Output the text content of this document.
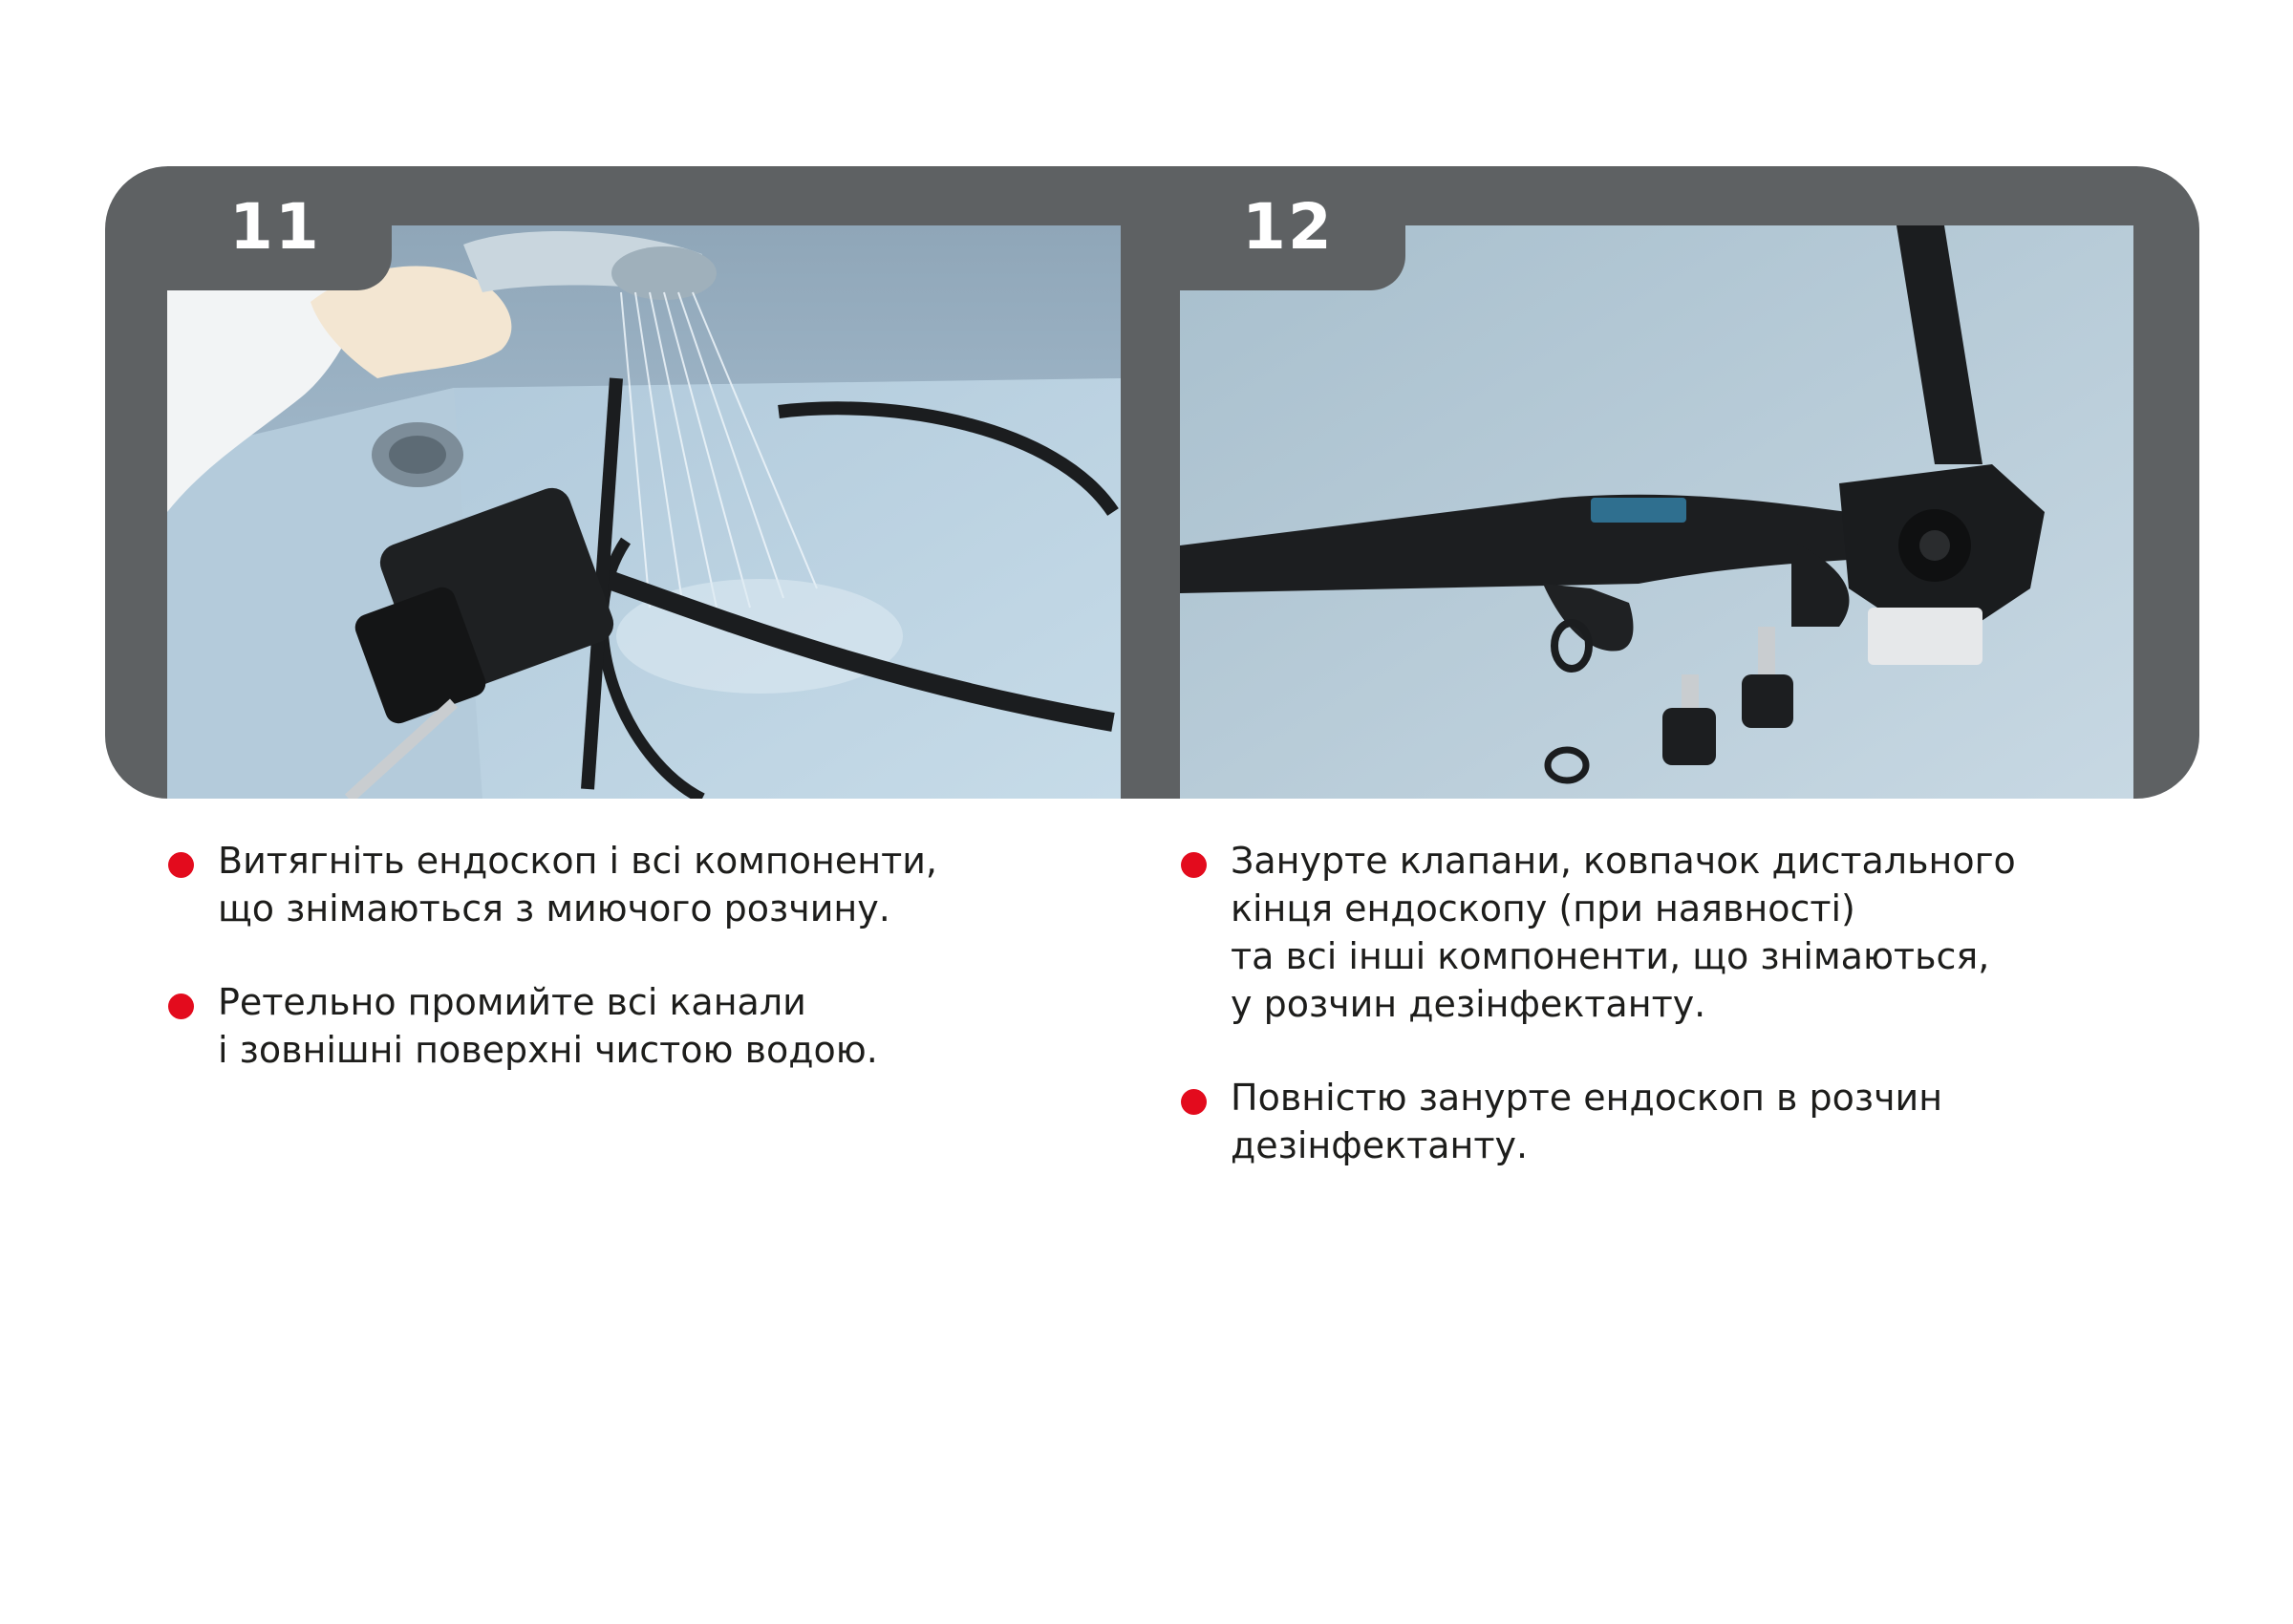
11	12
Витягніть ендоскоп і всі компоненти,
що знімаються з миючого розчину.
Ретельно промийте всі канали
і зовнішні поверхні чистою водою.
Занурте клапани, ковпачок дистального
кінця ендоскопу (при наявності)
та всі інші компоненти, що знімаються,
у розчин дезінфектанту.
Повністю занурте ендоскоп в розчин
дезінфектанту.
